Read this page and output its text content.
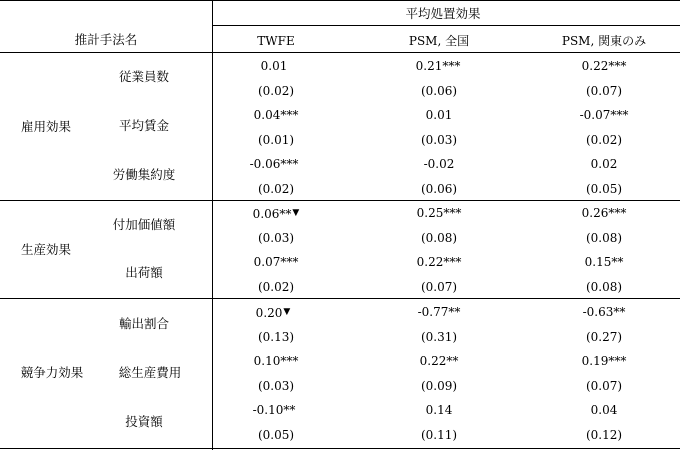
推計手法名
平均処置効果
TWFE	PSM, 全国	PSM, 関東のみ
雇用効果
従業員数
0.01	0.21***	0.22***
(0.02)	(0.06)	(0.07)
平均賃金
0.04***	0.01	-0.07***
(0.01)	(0.03)	(0.02)
労働集約度
-0.06***	-0.02	0.02
(0.02)	(0.06)	(0.05)
生産効果
付加価値額
0.06**▼	0.25***	0.26***
(0.03)	(0.08)	(0.08)
出荷額
0.07***	0.22***	0.15**
(0.02)	(0.07)	(0.08)
競争力効果
輸出割合
0.20▼	-0.77**	-0.63**
(0.13)	(0.31)	(0.27)
総生産費用
0.10***	0.22**	0.19***
(0.03)	(0.09)	(0.07)
投資額
-0.10**	0.14	0.04
(0.05)	(0.11)	(0.12)
